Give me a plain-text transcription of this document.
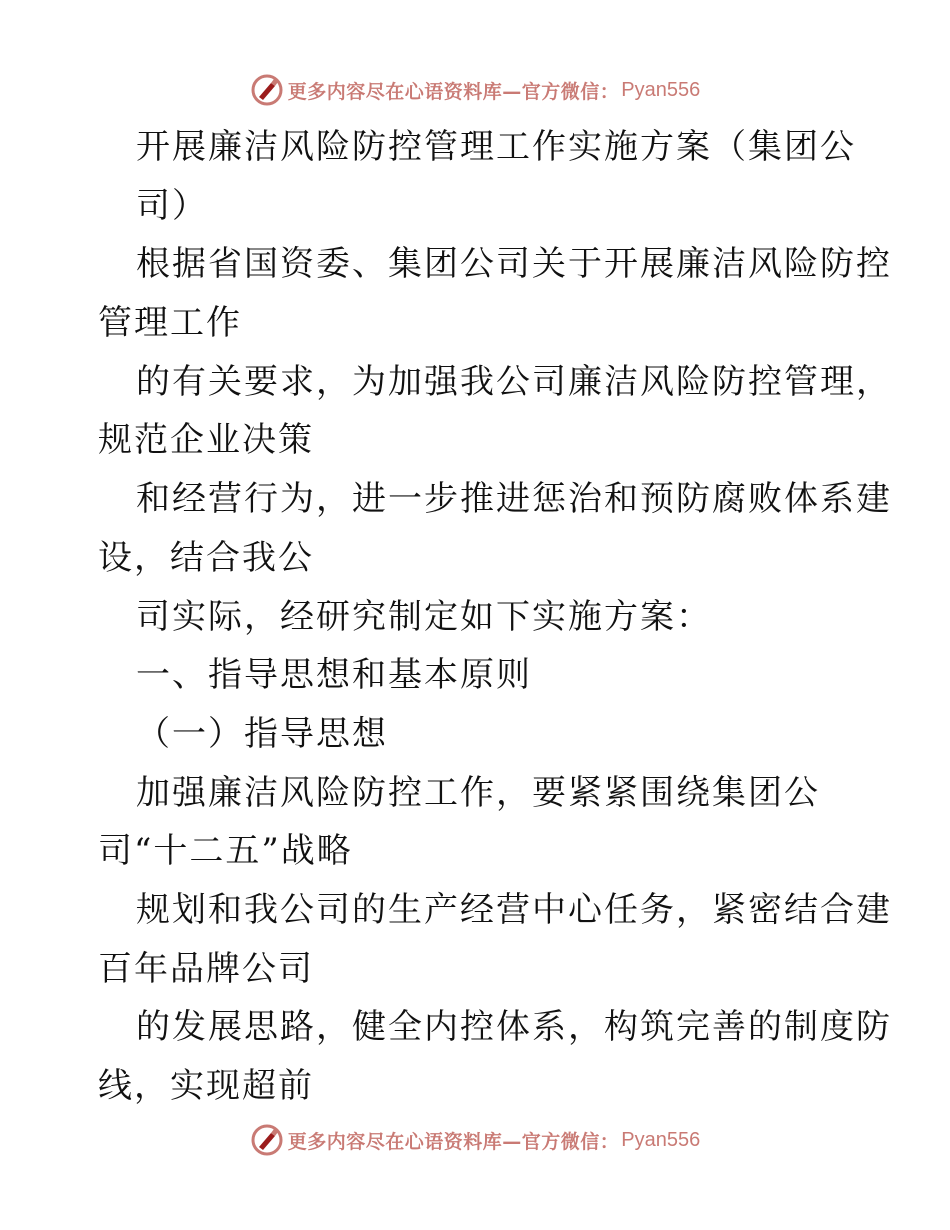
更多内容尽在心语资料库—官方微信： Pyan556
开展廉洁风险防控管理工作实施方案（集团公
司）
根据省国资委、集团公司关于开展廉洁风险防控
管理工作
的有关要求，为加强我公司廉洁风险防控管理，
规范企业决策
和经营行为，进一步推进惩治和预防腐败体系建
设，结合我公
司实际，经研究制定如下实施方案：
一、指导思想和基本原则
（一）指导思想
加强廉洁风险防控工作，要紧紧围绕集团公
司“十二五”战略
规划和我公司的生产经营中心任务，紧密结合建
百年品牌公司
的发展思路，健全内控体系，构筑完善的制度防
线，实现超前
更多内容尽在心语资料库—官方微信： Pyan556
